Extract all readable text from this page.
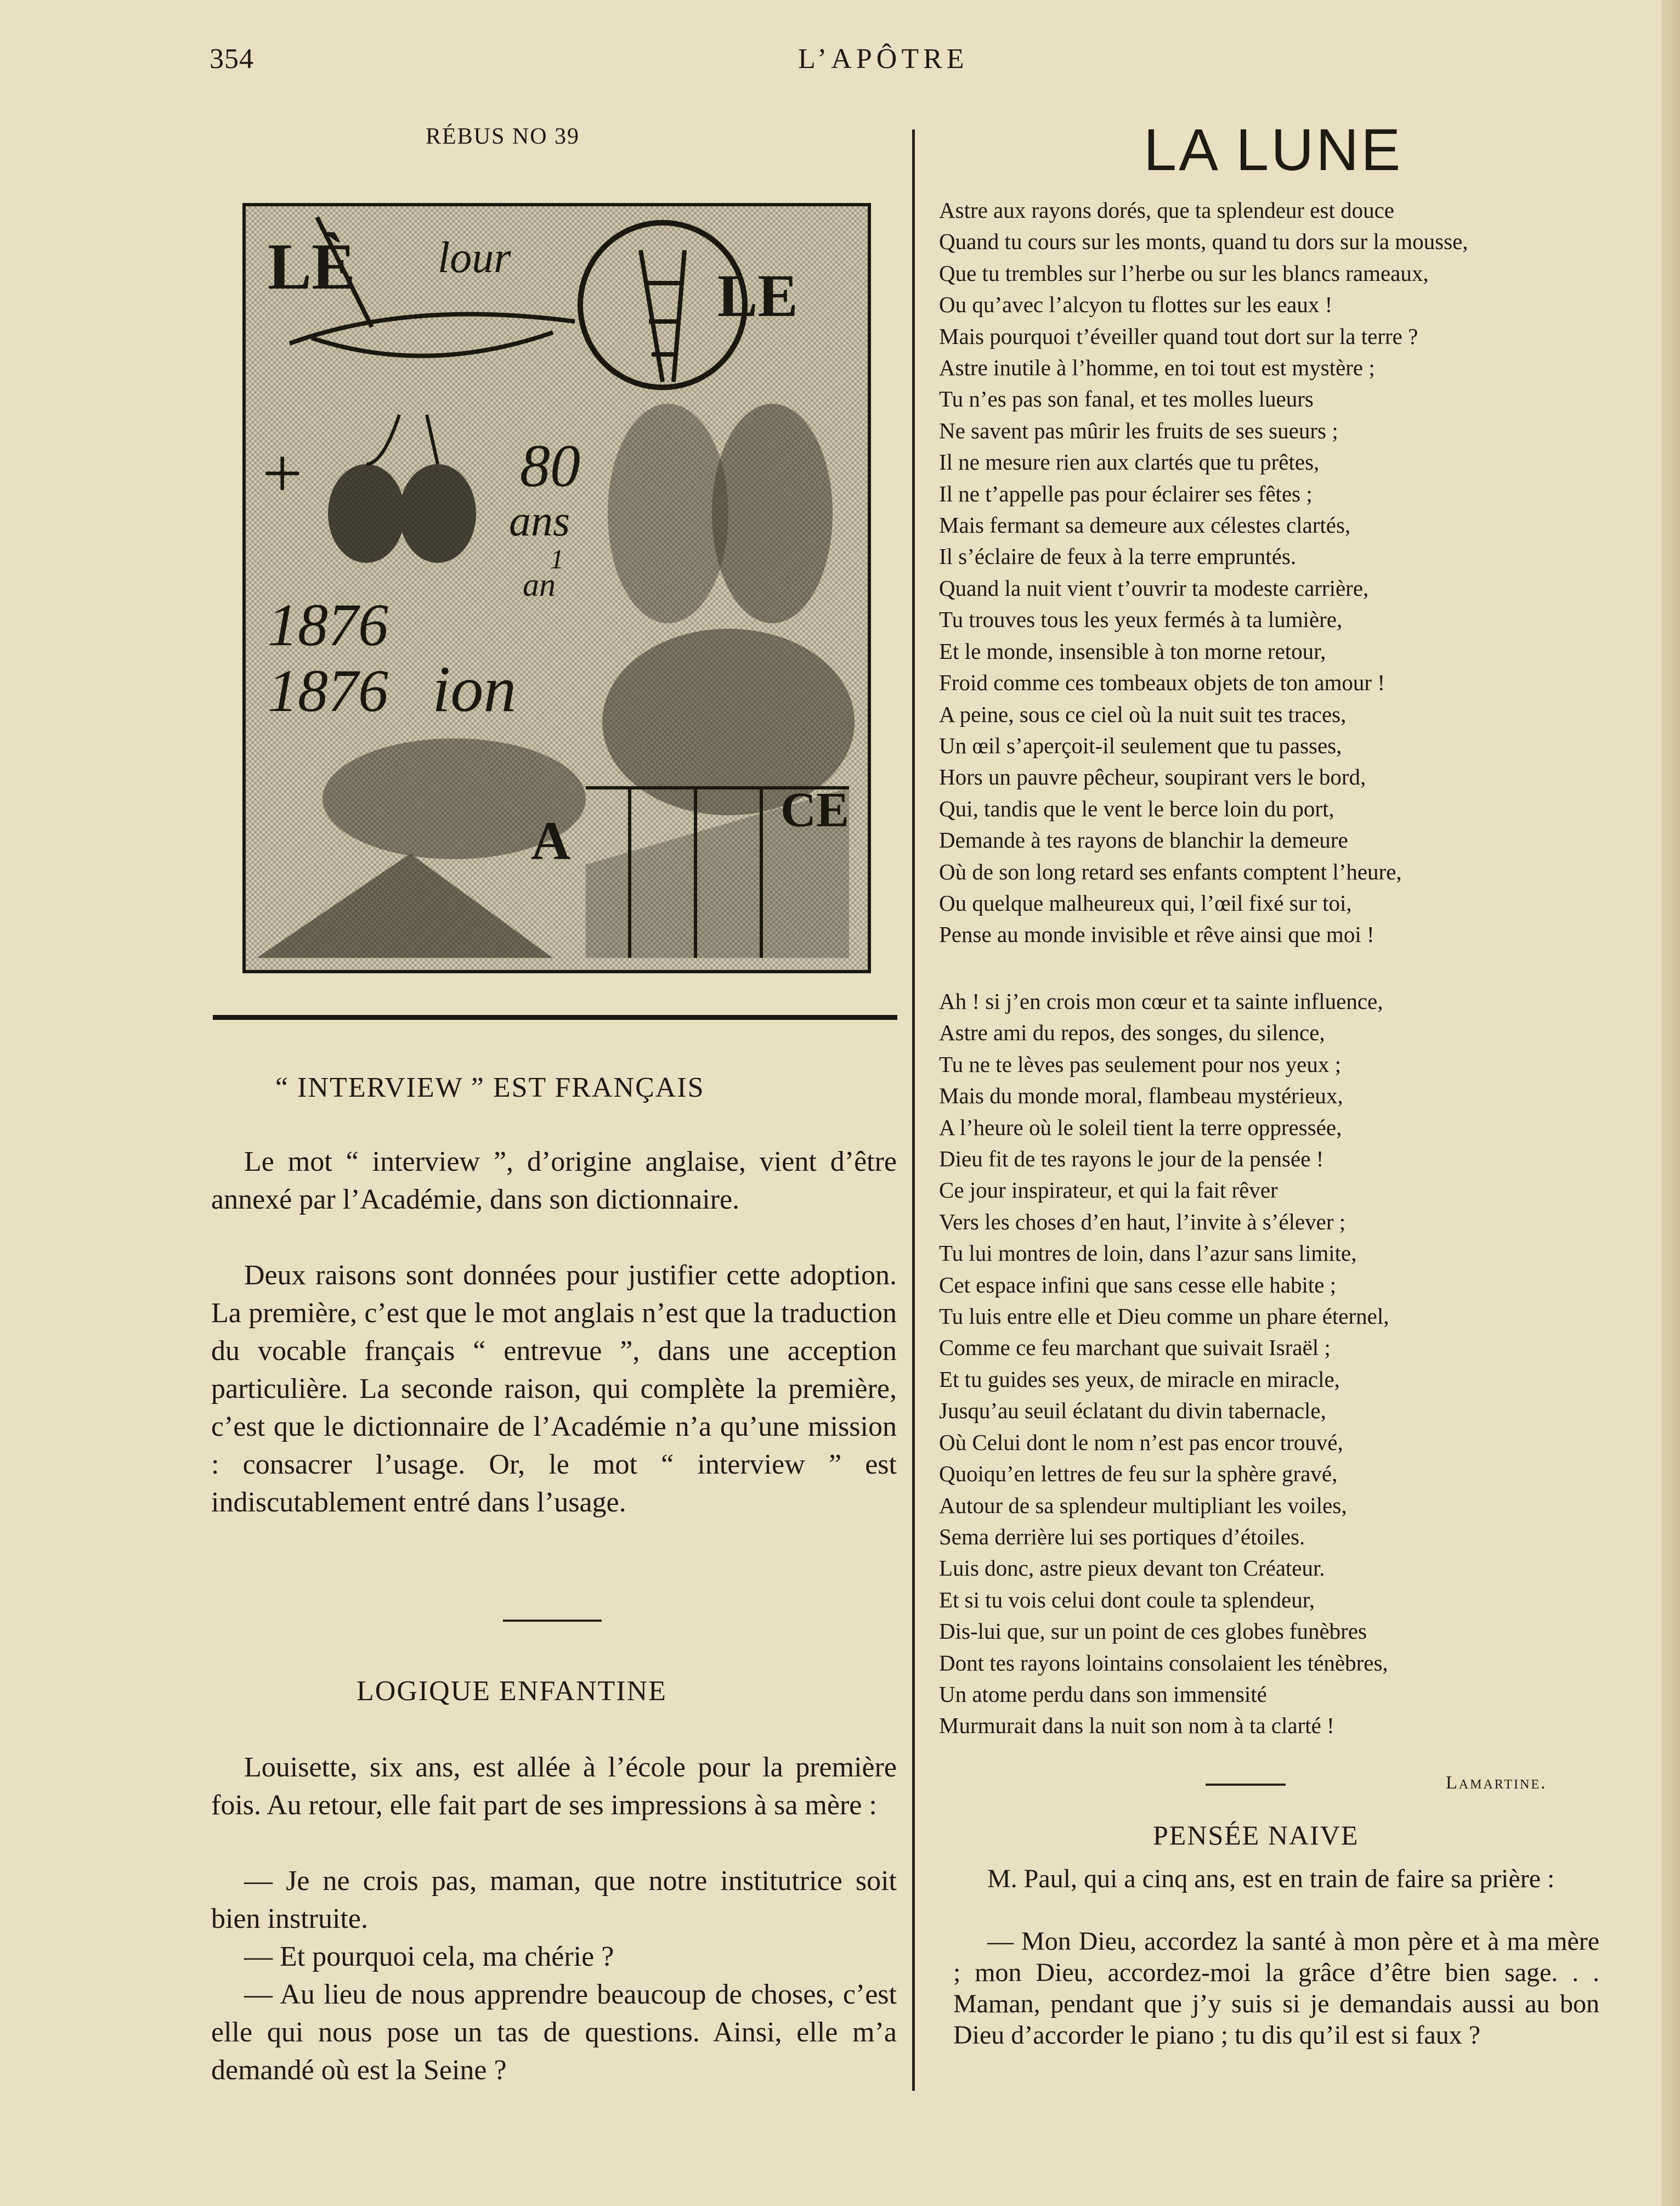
354	L’APÔTRE
RÉBUS NO 39
LÈ lour
LE
+	80
ans
1
an
1876
1876 ion
A
CE
“ INTERVIEW ” EST FRANÇAIS

Le mot “ interview ”, d’origine anglaise, vient d’être annexé par l’Académie, dans son dictionnaire.

Deux raisons sont données pour justifier cette adoption. La première, c’est que le mot anglais n’est que la traduction du vocable français “ entrevue ”, dans une acception particulière. La seconde raison, qui complète la première, c’est que le dictionnaire de l’Académie n’a qu’une mission : consacrer l’usage. Or, le mot “ interview ” est indiscutablement entré dans l’usage.

LOGIQUE ENFANTINE

Louisette, six ans, est allée à l’école pour la première fois. Au retour, elle fait part de ses impressions à sa mère :

— Je ne crois pas, maman, que notre institutrice soit bien instruite.

— Et pourquoi cela, ma chérie ?

— Au lieu de nous apprendre beaucoup de choses, c’est elle qui nous pose un tas de questions. Ainsi, elle m’a demandé où est la Seine ?

LA LUNE
Astre aux rayons dorés, que ta splendeur est douce
Quand tu cours sur les monts, quand tu dors sur la mousse,
Que tu trembles sur l’herbe ou sur les blancs rameaux,
Ou qu’avec l’alcyon tu flottes sur les eaux !
Mais pourquoi t’éveiller quand tout dort sur la terre ?
Astre inutile à l’homme, en toi tout est mystère ;
Tu n’es pas son fanal, et tes molles lueurs
Ne savent pas mûrir les fruits de ses sueurs ;
Il ne mesure rien aux clartés que tu prêtes,
Il ne t’appelle pas pour éclairer ses fêtes ;
Mais fermant sa demeure aux célestes clartés,
Il s’éclaire de feux à la terre empruntés.
Quand la nuit vient t’ouvrir ta modeste carrière,
Tu trouves tous les yeux fermés à ta lumière,
Et le monde, insensible à ton morne retour,
Froid comme ces tombeaux objets de ton amour !
A peine, sous ce ciel où la nuit suit tes traces,
Un œil s’aperçoit-il seulement que tu passes,
Hors un pauvre pêcheur, soupirant vers le bord,
Qui, tandis que le vent le berce loin du port,
Demande à tes rayons de blanchir la demeure
Où de son long retard ses enfants comptent l’heure,
Ou quelque malheureux qui, l’œil fixé sur toi,
Pense au monde invisible et rêve ainsi que moi !
Ah ! si j’en crois mon cœur et ta sainte influence,
Astre ami du repos, des songes, du silence,
Tu ne te lèves pas seulement pour nos yeux ;
Mais du monde moral, flambeau mystérieux,
A l’heure où le soleil tient la terre oppressée,
Dieu fit de tes rayons le jour de la pensée !
Ce jour inspirateur, et qui la fait rêver
Vers les choses d’en haut, l’invite à s’élever ;
Tu lui montres de loin, dans l’azur sans limite,
Cet espace infini que sans cesse elle habite ;
Tu luis entre elle et Dieu comme un phare éternel,
Comme ce feu marchant que suivait Israël ;
Et tu guides ses yeux, de miracle en miracle,
Jusqu’au seuil éclatant du divin tabernacle,
Où Celui dont le nom n’est pas encor trouvé,
Quoiqu’en lettres de feu sur la sphère gravé,
Autour de sa splendeur multipliant les voiles,
Sema derrière lui ses portiques d’étoiles.
Luis donc, astre pieux devant ton Créateur.
Et si tu vois celui dont coule ta splendeur,
Dis-lui que, sur un point de ces globes funèbres
Dont tes rayons lointains consolaient les ténèbres,
Un atome perdu dans son immensité
Murmurait dans la nuit son nom à ta clarté !
Lamartine.
PENSÉE NAIVE

M. Paul, qui a cinq ans, est en train de faire sa prière :

— Mon Dieu, accordez la santé à mon père et à ma mère ; mon Dieu, accordez-moi la grâce d’être bien sage. . . Maman, pendant que j’y suis si je demandais aussi au bon Dieu d’accorder le piano ; tu dis qu’il est si faux ?
